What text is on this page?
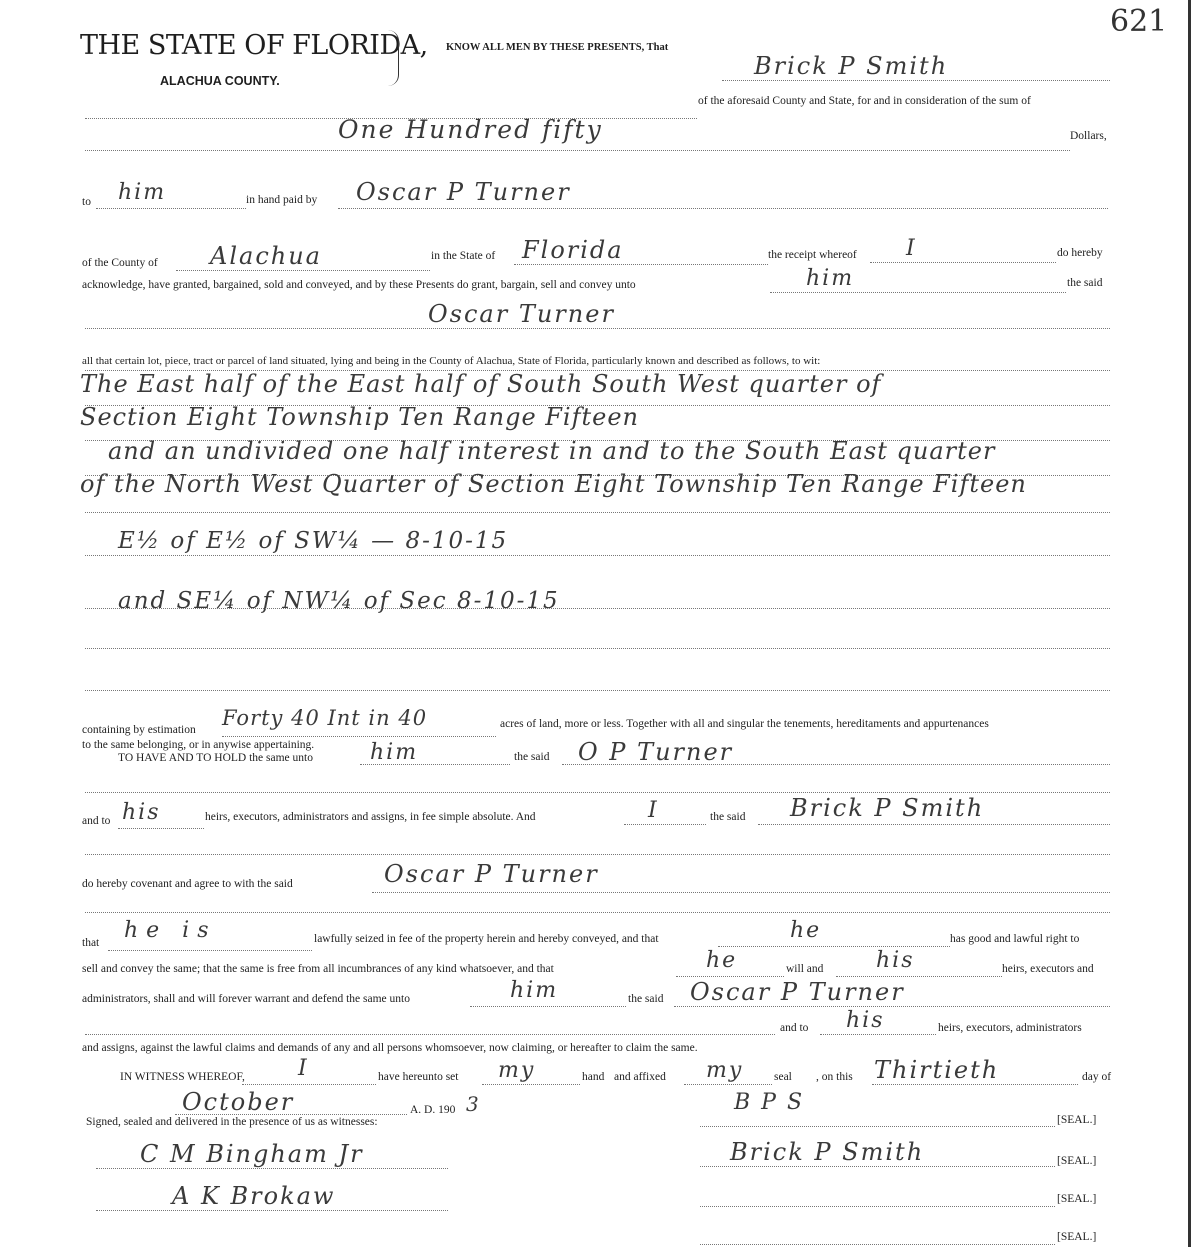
621
THE STATE OF FLORIDA,
ALACHUA COUNTY.
KNOW ALL MEN BY THESE PRESENTS, That
Brick P Smith
of the aforesaid County and State, for and in consideration of the sum of
One Hundred fifty	Dollars,
to him	in hand paid by Oscar P Turner
of the County of Alachua	in the State of Florida	the receipt whereof I	do hereby
acknowledge, have granted, bargained, sold and conveyed, and by these Presents do grant, bargain, sell and convey unto	him	the said
Oscar Turner
all that certain lot, piece, tract or parcel of land situated, lying and being in the County of Alachua, State of Florida, particularly known and described as follows, to wit:
The East half of the East half of South South West quarter of
Section Eight Township Ten Range Fifteen
and an undivided one half interest in and to the South East quarter
of the North West Quarter of Section Eight Township Ten Range Fifteen
E½ of E½ of SW¼ — 8-10-15
and SE¼ of NW¼ of Sec 8-10-15
containing by estimation Forty 40 Int in 40	acres of land, more or less. Together with all and singular the tenements, hereditaments and appurtenances
to the same belonging, or in anywise appertaining.
TO HAVE AND TO HOLD the same unto	him	the said O P Turner
and to his	heirs, executors, administrators and assigns, in fee simple absolute. And	I	the said Brick P Smith
do hereby covenant and agree to with the said	Oscar P Turner
that he is	lawfully seized in fee of the property herein and hereby conveyed, and that	he	has good and lawful right to
sell and convey the same; that the same is free from all incumbrances of any kind whatsoever, and that	he	will and his	heirs, executors and
administrators, shall and will forever warrant and defend the same unto	him	the said Oscar P Turner
and to his	heirs, executors, administrators
and assigns, against the lawful claims and demands of any and all persons whomsoever, now claiming, or hereafter to claim the same.
IN WITNESS WHEREOF, I	have hereunto set my	hand and affixed my	seal , on this Thirtieth	day of
October	A. D. 190 3
Signed, sealed and delivered in the presence of us as witnesses:
B P S
[SEAL.]
C M Bingham Jr	Brick P Smith	[SEAL.]
A K Brokaw	[SEAL.]
[SEAL.]
